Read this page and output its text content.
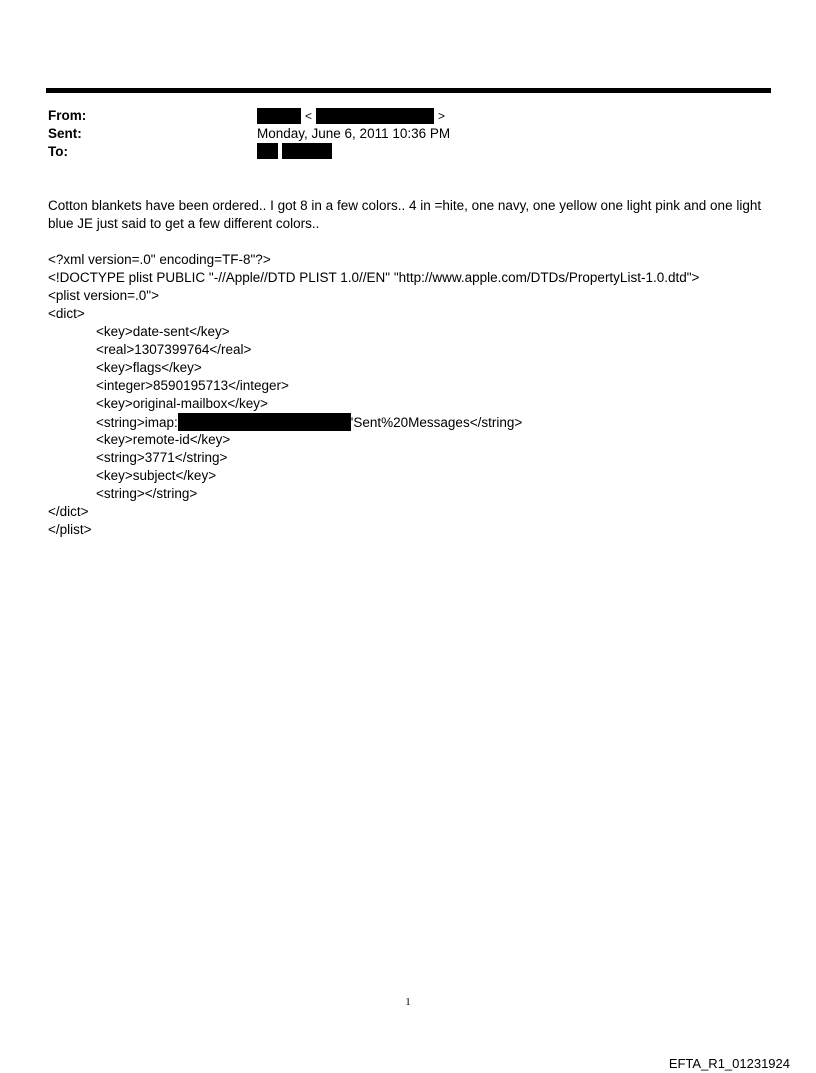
From:	<	>
Sent:	Monday, June 6, 2011 10:36 PM
To:

Cotton blankets have been ordered.. I got 8 in a few colors.. 4 in =hite, one navy, one yellow one light pink and one light
blue JE just said to get a few different colors..
<?xml version=.0" encoding=TF-8"?>
<!DOCTYPE plist PUBLIC "-//Apple//DTD PLIST 1.0//EN" "http://www.apple.com/DTDs/PropertyList-1.0.dtd">
<plist version=.0">
<dict>
<key>date-sent</key>
<real>1307399764</real>
<key>flags</key>
<integer>8590195713</integer>
<key>original-mailbox</key>
<string>imap:	'Sent%20Messages</string>
<key>remote-id</key>
<string>3771</string>
<key>subject</key>
<string></string>
</dict>
</plist>
1
EFTA_R1_01231924
